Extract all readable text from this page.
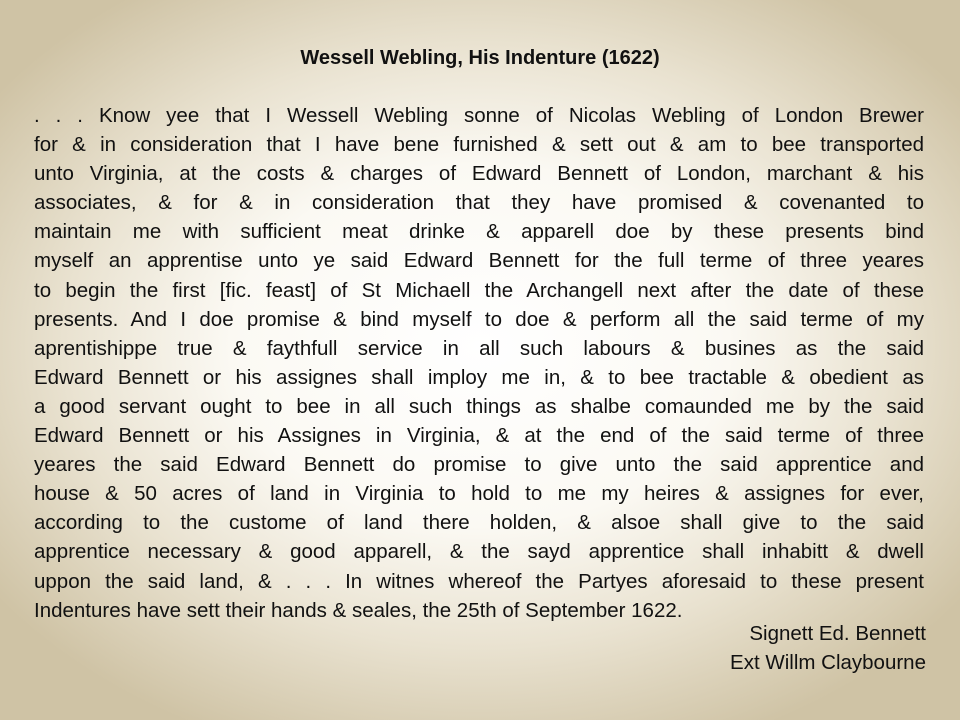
Wessell Webling, His Indenture (1622)
. . . Know yee that I Wessell Webling sonne of Nicolas Webling of London Brewer
for & in consideration that I have bene furnished & sett out & am to bee transported
unto Virginia, at the costs & charges of Edward Bennett of London, marchant & his
associates, & for & in consideration that they have promised & covenanted to
maintain me with sufficient meat drinke & apparell doe by these presents bind
myself an apprentise unto ye said Edward Bennett for the full terme of three yeares
to begin the first [fic. feast] of St Michaell the Archangell next after the date of these
presents. And I doe promise & bind myself to doe & perform all the said terme of my
aprentishippe true & faythfull service in all such labours & busines as the said
Edward Bennett or his assignes shall imploy me in, & to bee tractable & obedient as
a good servant ought to bee in all such things as shalbe comaunded me by the said
Edward Bennett or his Assignes in Virginia, & at the end of the said terme of three
yeares the said Edward Bennett do promise to give unto the said apprentice and
house & 50 acres of land in Virginia to hold to me my heires & assignes for ever,
according to the custome of land there holden, & alsoe shall give to the said
apprentice necessary & good apparell, & the sayd apprentice shall inhabitt & dwell
uppon the said land, & . . . In witnes whereof the Partyes aforesaid to these present
Indentures have sett their hands & seales, the 25th of September 1622.
Signett Ed. Bennett
Ext Willm Claybourne
